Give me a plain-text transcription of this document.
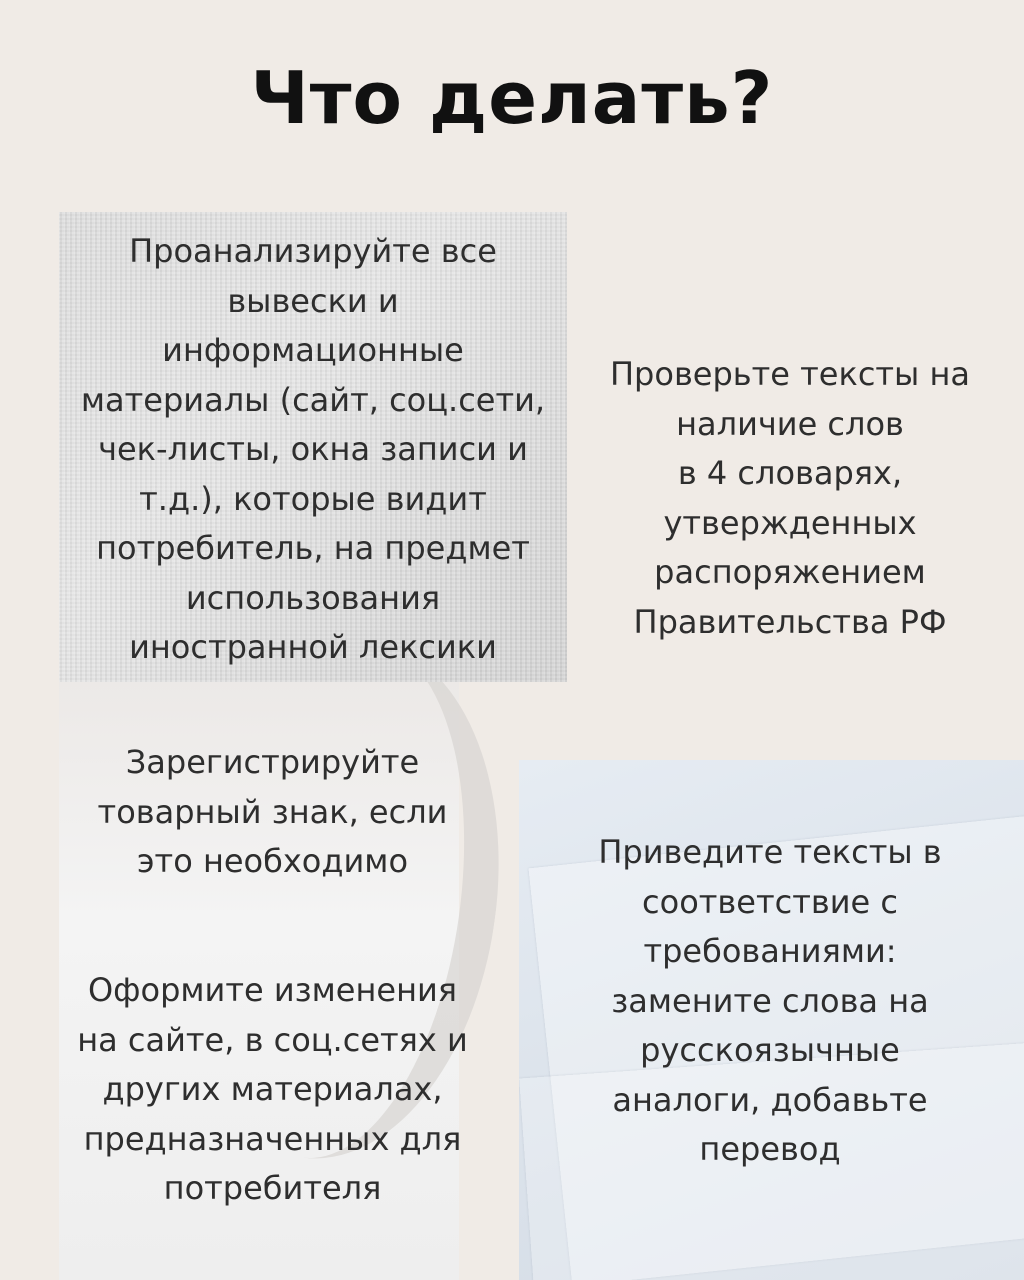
Что делать?
Проанализируйте все
вывески и
информационные
материалы (сайт, соц.сети,
чек-листы, окна записи и
т.д.), которые видит
потребитель, на предмет
использования
иностранной лексики
Проверьте тексты на
наличие слов
в 4 словарях,
утвержденных
распоряжением
Правительства РФ
Зарегистрируйте
товарный знак, если
это необходимо	Приведите тексты в
соответствие с
требованиями:
замените слова на
русскоязычные
аналоги, добавьте
перевод
Оформите изменения
на сайте, в соц.сетях и
других материалах,
предназначенных для
потребителя
